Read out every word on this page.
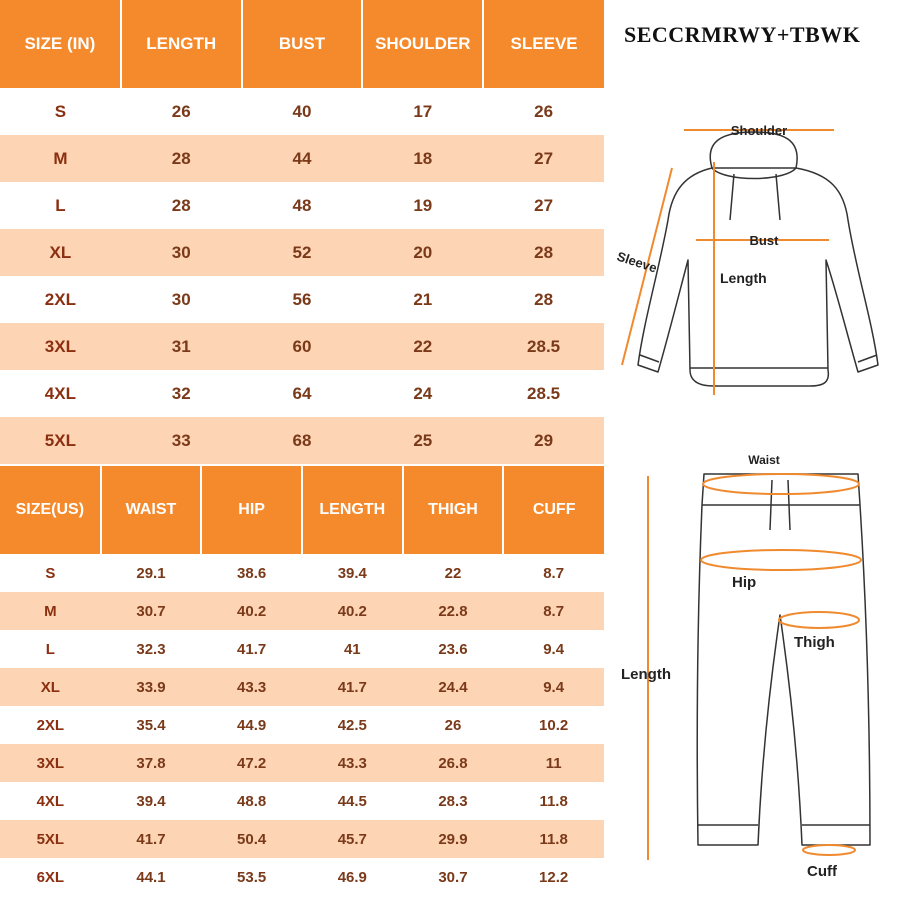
SIZE (IN)	LENGTH	BUST	SHOULDER	SLEEVE
S	26	40	17	26
M	28	44	18	27
L	28	48	19	27
XL	30	52	20	28
2XL	30	56	21	28
3XL	31	60	22	28.5
4XL	32	64	24	28.5
5XL	33	68	25	29
SIZE(US)	WAIST	HIP	LENGTH	THIGH	CUFF
S	29.1	38.6	39.4	22	8.7
M	30.7	40.2	40.2	22.8	8.7
L	32.3	41.7	41	23.6	9.4
XL	33.9	43.3	41.7	24.4	9.4
2XL	35.4	44.9	42.5	26	10.2
3XL	37.8	47.2	43.3	26.8	11
4XL	39.4	48.8	44.5	28.3	11.8
5XL	41.7	50.4	45.7	29.9	11.8
6XL	44.1	53.5	46.9	30.7	12.2
SECCRMRWY+TBWK
Shoulder
Bust
Length
Sleeve
Waist
Hip
Thigh
Length
Cuff
